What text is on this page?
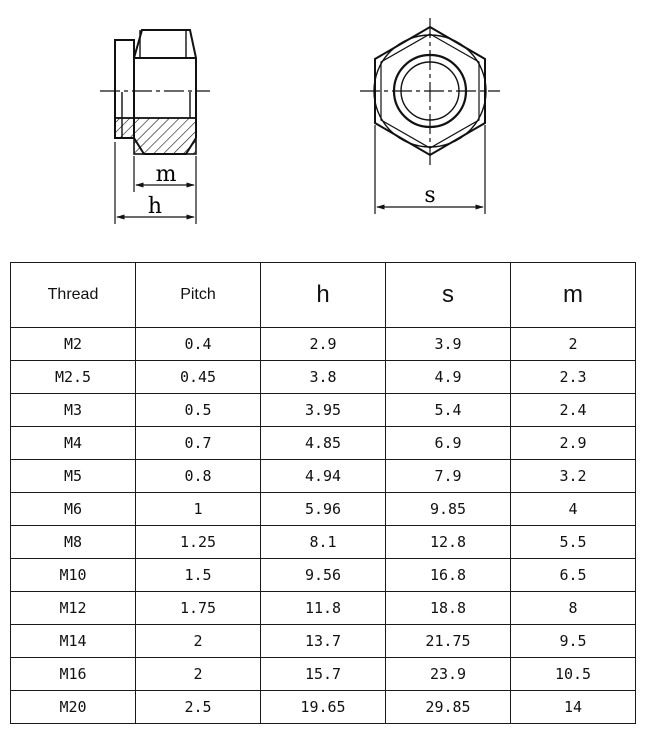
m
h	s
Thread	Pitch	h	s	m
M2	0.4	2.9	3.9	2
M2.5	0.45	3.8	4.9	2.3
M3	0.5	3.95	5.4	2.4
M4	0.7	4.85	6.9	2.9
M5	0.8	4.94	7.9	3.2
M6	1	5.96	9.85	4
M8	1.25	8.1	12.8	5.5
M10	1.5	9.56	16.8	6.5
M12	1.75	11.8	18.8	8
M14	2	13.7	21.75	9.5
M16	2	15.7	23.9	10.5
M20	2.5	19.65	29.85	14
